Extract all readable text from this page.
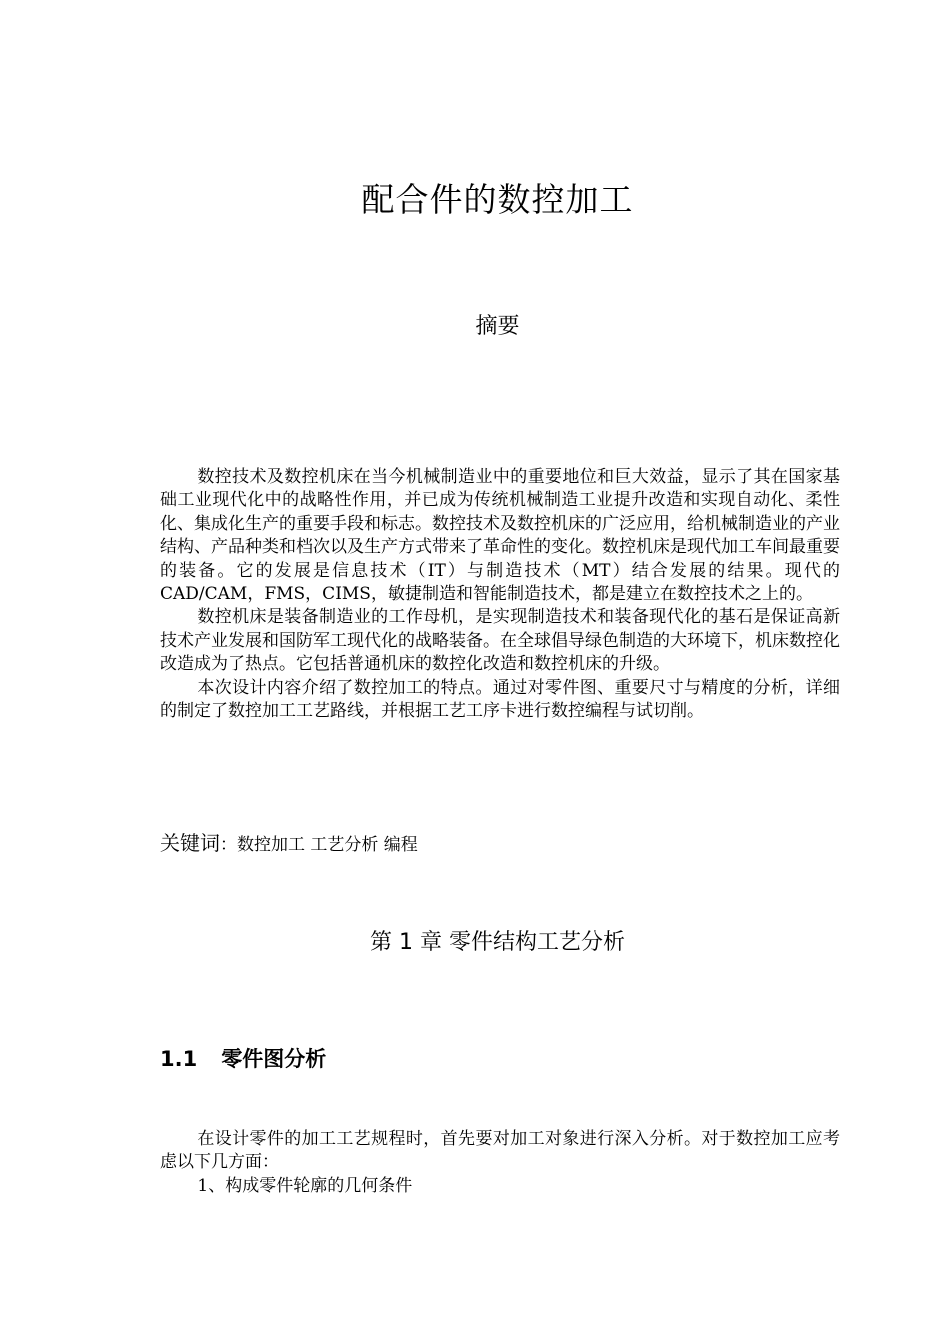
配合件的数控加工
摘要

数控技术及数控机床在当今机械制造业中的重要地位和巨大效益，显示了其在国家基础工业现代化中的战略性作用，并已成为传统机械制造工业提升改造和实现自动化、柔性化、集成化生产的重要手段和标志。数控技术及数控机床的广泛应用，给机械制造业的产业结构、产品种类和档次以及生产方式带来了革命性的变化。数控机床是现代加工车间最重要的装备。它的发展是信息技术（IT）与制造技术（MT）结合发展的结果。现代的CAD/CAM，FMS，CIMS，敏捷制造和智能制造技术，都是建立在数控技术之上的。

数控机床是装备制造业的工作母机，是实现制造技术和装备现代化的基石是保证高新技术产业发展和国防军工现代化的战略装备。在全球倡导绿色制造的大环境下，机床数控化改造成为了热点。它包括普通机床的数控化改造和数控机床的升级。

本次设计内容介绍了数控加工的特点。通过对零件图、重要尺寸与精度的分析，详细的制定了数控加工工艺路线，并根据工艺工序卡进行数控编程与试切削。

关键词：数控加工 工艺分析 编程
第 1 章 零件结构工艺分析
1.1 零件图分析

在设计零件的加工工艺规程时，首先要对加工对象进行深入分析。对于数控加工应考虑以下几方面：

1、构成零件轮廓的几何条件
